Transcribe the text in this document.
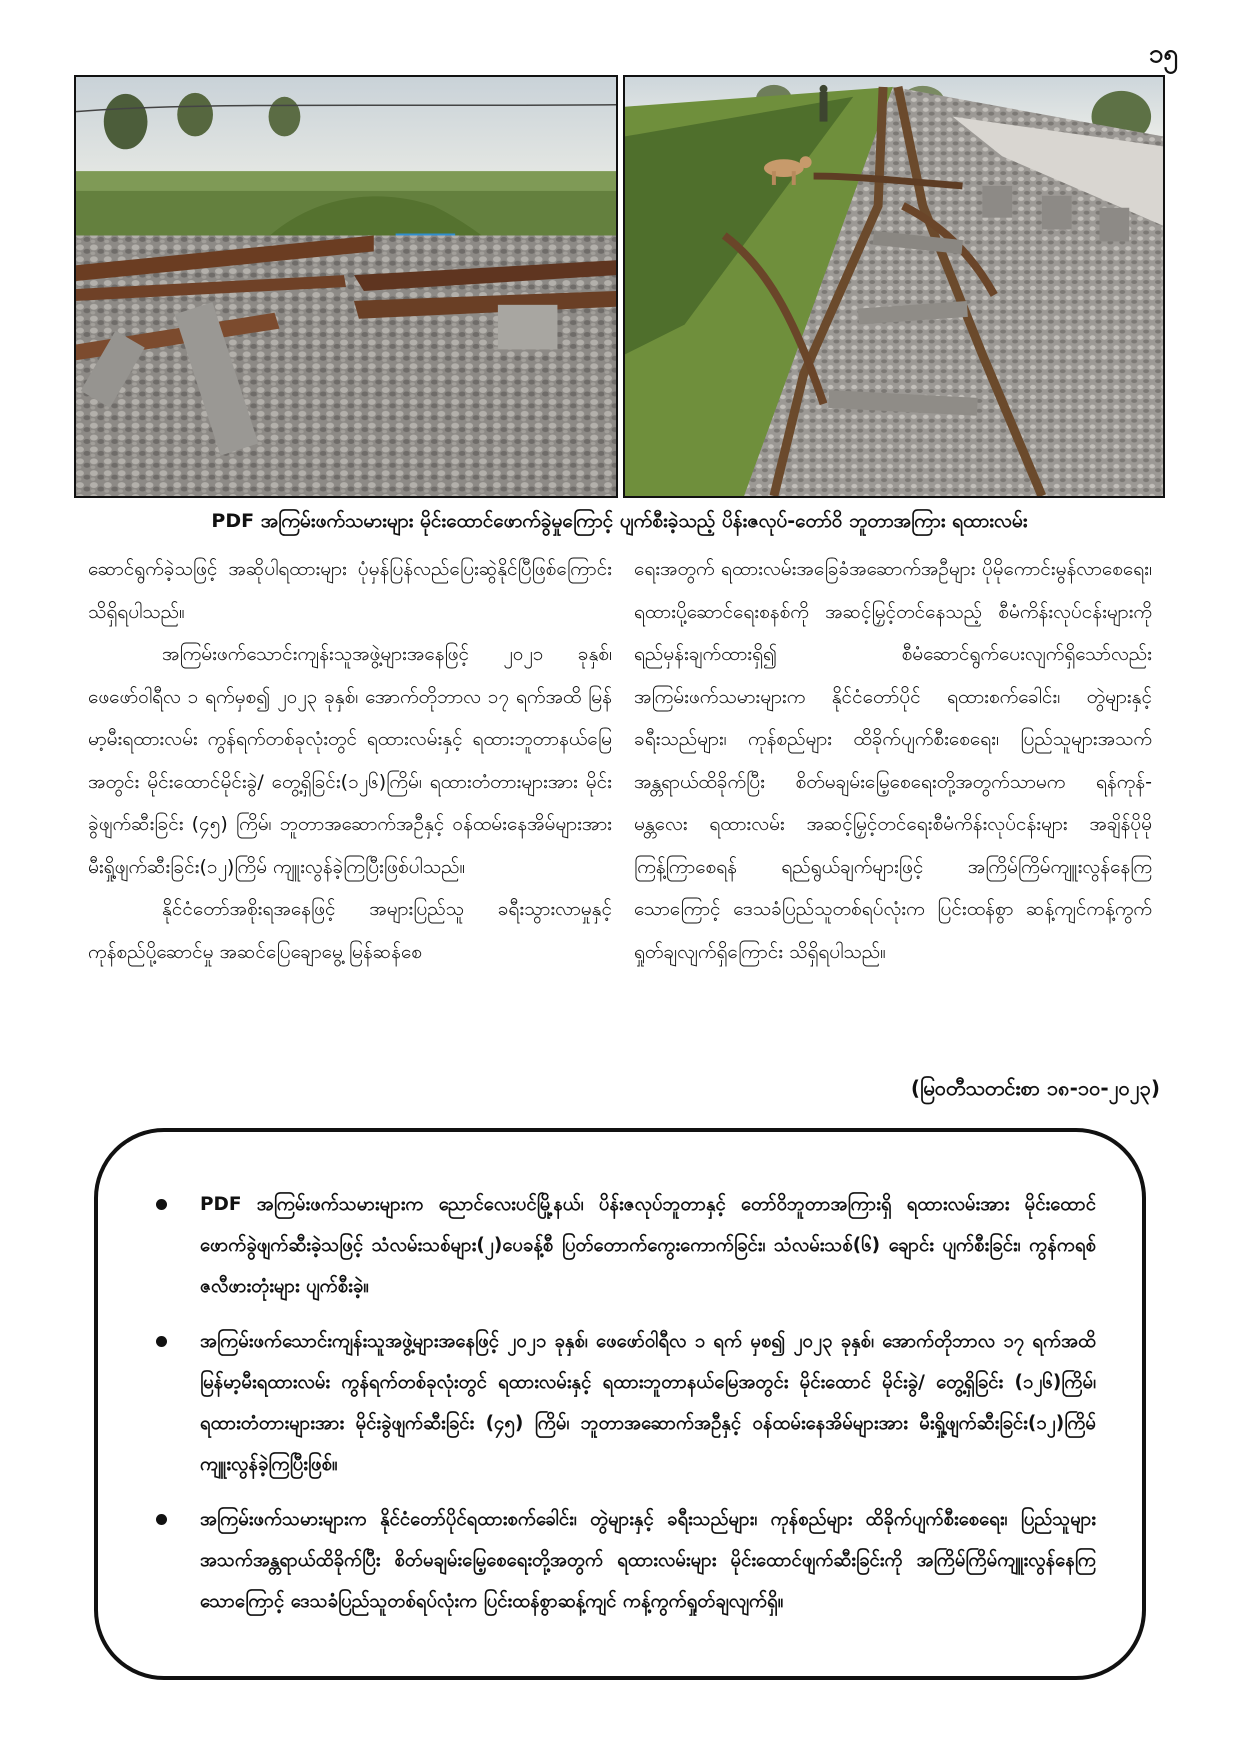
၁၅
PDF အကြမ်းဖက်သမားများ မိုင်းထောင်ဖောက်ခွဲမှုကြောင့် ပျက်စီးခဲ့သည့် ပိန်းဇလုပ်-တော်ဝိ ဘူတာအကြား ရထားလမ်း

ဆောင်ရွက်ခဲ့သဖြင့် အဆိုပါရထားများ ပုံမှန်ပြန်လည်ပြေးဆွဲနိုင်ပြီဖြစ်ကြောင်း သိရှိရပါသည်။

အကြမ်းဖက်သောင်းကျန်းသူအဖွဲ့များအနေဖြင့် ၂၀၂၁ ခုနှစ်၊ ဖေဖော်ဝါရီလ ၁ ရက်မှစ၍ ၂၀၂၃ ခုနှစ်၊ အောက်တိုဘာလ ၁၇ ရက်အထိ မြန်မာ့မီးရထားလမ်း ကွန်ရက်တစ်ခုလုံးတွင် ရထားလမ်းနှင့် ရထားဘူတာနယ်မြေအတွင်း မိုင်းထောင်မိုင်းခွဲ/ တွေ့ရှိခြင်း(၁၂၆)ကြိမ်၊ ရထားတံတားများအား မိုင်းခွဲဖျက်ဆီးခြင်း (၄၅) ကြိမ်၊ ဘူတာအဆောက်အဦနှင့် ဝန်ထမ်းနေအိမ်များအား မီးရှို့ဖျက်ဆီးခြင်း(၁၂)ကြိမ် ကျူးလွန်ခဲ့ကြပြီးဖြစ်ပါသည်။

နိုင်ငံတော်အစိုးရအနေဖြင့် အများပြည်သူ ခရီးသွားလာမှုနှင့် ကုန်စည်ပို့ဆောင်မှု အဆင်ပြေချောမွေ့ မြန်ဆန်စေ

ရေးအတွက် ရထားလမ်းအခြေခံအဆောက်အဦများ ပိုမိုကောင်းမွန်လာစေရေး၊ ရထားပို့ဆောင်ရေးစနစ်ကို အဆင့်မြှင့်တင်နေသည့် စီမံကိန်းလုပ်ငန်းများကို ရည်မှန်းချက်ထားရှိ၍ စီမံဆောင်ရွက်ပေးလျက်ရှိသော်လည်း အကြမ်းဖက်သမားများက နိုင်ငံတော်ပိုင် ရထားစက်ခေါင်း၊ တွဲများနှင့် ခရီးသည်များ၊ ကုန်စည်များ ထိခိုက်ပျက်စီးစေရေး၊ ပြည်သူများအသက်အန္တရာယ်ထိခိုက်ပြီး စိတ်မချမ်းမြေ့စေရေးတို့အတွက်သာမက ရန်ကုန်-မန္တလေး ရထားလမ်း အဆင့်မြှင့်တင်ရေးစီမံကိန်းလုပ်ငန်းများ အချိန်ပိုမိုကြန့်ကြာစေရန် ရည်ရွယ်ချက်များဖြင့် အကြိမ်ကြိမ်ကျူးလွန်နေကြသောကြောင့် ဒေသခံပြည်သူတစ်ရပ်လုံးက ပြင်းထန်စွာ ဆန့်ကျင်ကန့်ကွက်ရှုတ်ချလျက်ရှိကြောင်း သိရှိရပါသည်။

(မြဝတီသတင်းစာ ၁၈-၁၀-၂၀၂၃)
PDF အကြမ်းဖက်သမားများက ညောင်လေးပင်မြို့နယ်၊ ပိန်းဇလုပ်ဘူတာနှင့် တော်ဝိဘူတာအကြားရှိ ရထားလမ်းအား မိုင်းထောင်ဖောက်ခွဲဖျက်ဆီးခဲ့သဖြင့် သံလမ်းသစ်များ(၂)ပေခန့်စီ ပြတ်တောက်ကွေးကောက်ခြင်း၊ သံလမ်းသစ်(၆) ချောင်း ပျက်စီးခြင်း၊ ကွန်ကရစ်ဇလီဖားတုံးများ ပျက်စီးခဲ့။
အကြမ်းဖက်သောင်းကျန်းသူအဖွဲ့များအနေဖြင့် ၂၀၂၁ ခုနှစ်၊ ဖေဖော်ဝါရီလ ၁ ရက် မှစ၍ ၂၀၂၃ ခုနှစ်၊ အောက်တိုဘာလ ၁၇ ရက်အထိ မြန်မာ့မီးရထားလမ်း ကွန်ရက်တစ်ခုလုံးတွင် ရထားလမ်းနှင့် ရထားဘူတာနယ်မြေအတွင်း မိုင်းထောင် မိုင်းခွဲ/ တွေ့ရှိခြင်း (၁၂၆)ကြိမ်၊ ရထားတံတားများအား မိုင်းခွဲဖျက်ဆီးခြင်း (၄၅) ကြိမ်၊ ဘူတာအဆောက်အဦနှင့် ဝန်ထမ်းနေအိမ်များအား မီးရှို့ဖျက်ဆီးခြင်း(၁၂)ကြိမ် ကျူးလွန်ခဲ့ကြပြီးဖြစ်။
အကြမ်းဖက်သမားများက နိုင်ငံတော်ပိုင်ရထားစက်ခေါင်း၊ တွဲများနှင့် ခရီးသည်များ၊ ကုန်စည်များ ထိခိုက်ပျက်စီးစေရေး၊ ပြည်သူများအသက်အန္တရာယ်ထိခိုက်ပြီး စိတ်မချမ်းမြေ့စေရေးတို့အတွက် ရထားလမ်းများ မိုင်းထောင်ဖျက်ဆီးခြင်းကို အကြိမ်ကြိမ်ကျူးလွန်နေကြသောကြောင့် ဒေသခံပြည်သူတစ်ရပ်လုံးက ပြင်းထန်စွာဆန့်ကျင် ကန့်ကွက်ရှုတ်ချလျက်ရှိ။
